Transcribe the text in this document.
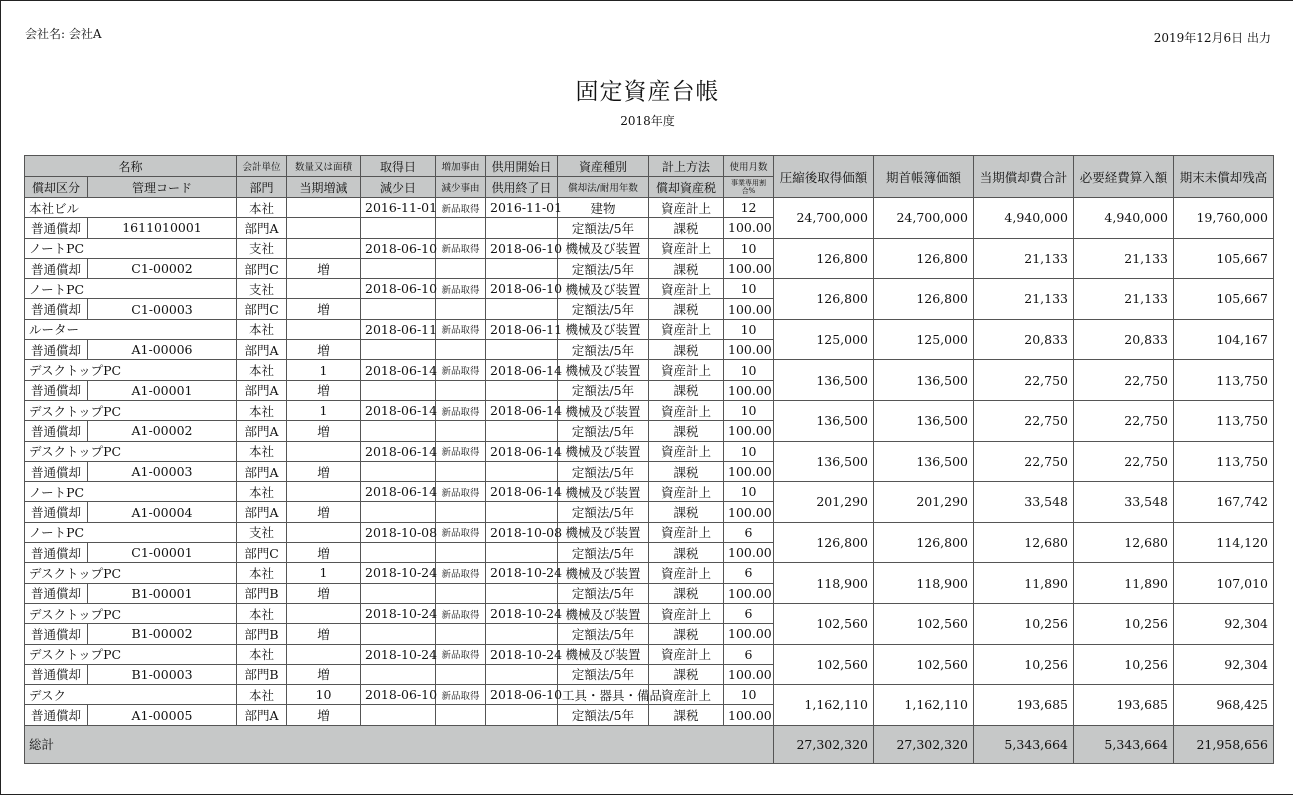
会社名: 会社A	2019年12月6日 出力
固定資産台帳
2018年度
名称		会計単位	数量又は面積	取得日	増加事由	供用開始日	資産種別	計上方法	使用月数	圧縮後取得価額	期首帳簿価額	当期償却費合計	必要経費算入額	期末未償却残高
償却区分	管理コード	部門	当期増減	減少日	減少事由	供用終了日	償却法/耐用年数	償却資産税	事業専用割合%					
本社ビル		本社		2016-11-01	新品取得	2016-11-01	建物	資産計上	12	24,700,000	24,700,000	4,940,000	4,940,000	19,760,000
普通償却	1611010001	部門A					定額法/5年	課税	100.00					
ノートPC		支社		2018-06-10	新品取得	2018-06-10	機械及び装置	資産計上	10	126,800	126,800	21,133	21,133	105,667
普通償却	C1-00002	部門C	増				定額法/5年	課税	100.00					
ノートPC		支社		2018-06-10	新品取得	2018-06-10	機械及び装置	資産計上	10	126,800	126,800	21,133	21,133	105,667
普通償却	C1-00003	部門C	増				定額法/5年	課税	100.00					
ルーター		本社		2018-06-11	新品取得	2018-06-11	機械及び装置	資産計上	10	125,000	125,000	20,833	20,833	104,167
普通償却	A1-00006	部門A	増				定額法/5年	課税	100.00					
デスクトップPC		本社	1	2018-06-14	新品取得	2018-06-14	機械及び装置	資産計上	10	136,500	136,500	22,750	22,750	113,750
普通償却	A1-00001	部門A	増				定額法/5年	課税	100.00					
デスクトップPC		本社	1	2018-06-14	新品取得	2018-06-14	機械及び装置	資産計上	10	136,500	136,500	22,750	22,750	113,750
普通償却	A1-00002	部門A	増				定額法/5年	課税	100.00					
デスクトップPC		本社		2018-06-14	新品取得	2018-06-14	機械及び装置	資産計上	10	136,500	136,500	22,750	22,750	113,750
普通償却	A1-00003	部門A	増				定額法/5年	課税	100.00					
ノートPC		本社		2018-06-14	新品取得	2018-06-14	機械及び装置	資産計上	10	201,290	201,290	33,548	33,548	167,742
普通償却	A1-00004	部門A	増				定額法/5年	課税	100.00					
ノートPC		支社		2018-10-08	新品取得	2018-10-08	機械及び装置	資産計上	6	126,800	126,800	12,680	12,680	114,120
普通償却	C1-00001	部門C	増				定額法/5年	課税	100.00					
デスクトップPC		本社	1	2018-10-24	新品取得	2018-10-24	機械及び装置	資産計上	6	118,900	118,900	11,890	11,890	107,010
普通償却	B1-00001	部門B	増				定額法/5年	課税	100.00					
デスクトップPC		本社		2018-10-24	新品取得	2018-10-24	機械及び装置	資産計上	6	102,560	102,560	10,256	10,256	92,304
普通償却	B1-00002	部門B	増				定額法/5年	課税	100.00					
デスクトップPC		本社		2018-10-24	新品取得	2018-10-24	機械及び装置	資産計上	6	102,560	102,560	10,256	10,256	92,304
普通償却	B1-00003	部門B	増				定額法/5年	課税	100.00					
デスク		本社	10	2018-06-10	新品取得	2018-06-10	工具・器具・備品	資産計上	10	1,162,110	1,162,110	193,685	193,685	968,425
普通償却	A1-00005	部門A	増				定額法/5年	課税	100.00					
総計										27,302,320	27,302,320	5,343,664	5,343,664	21,958,656
